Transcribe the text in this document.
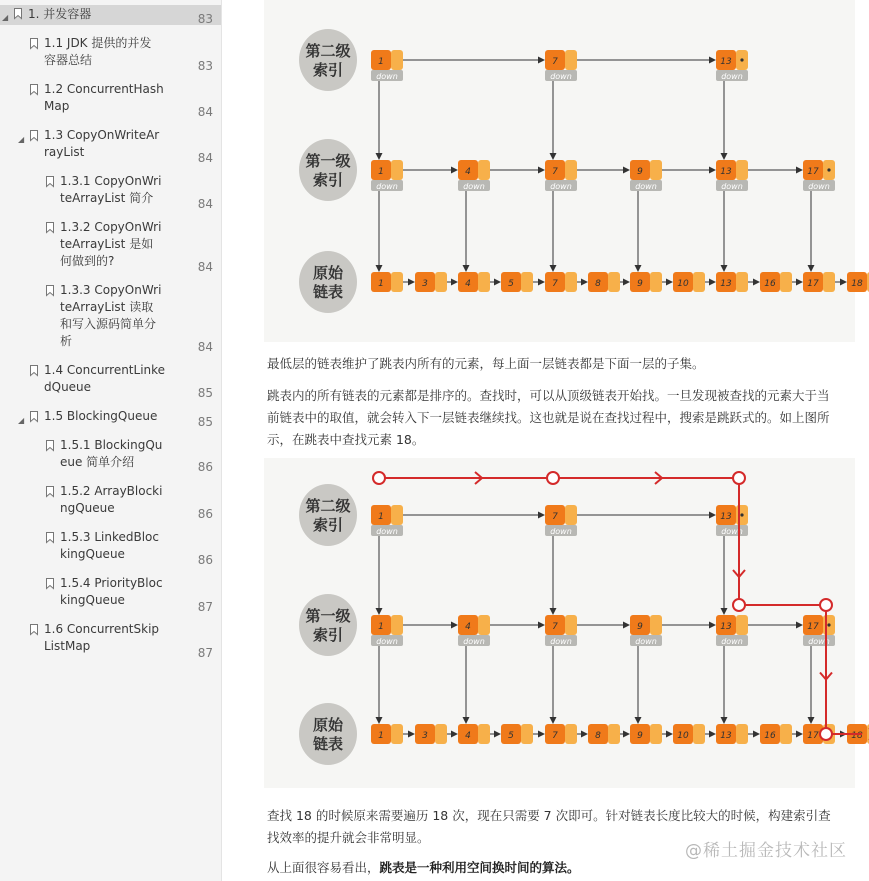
◢ 1. 并发容器	83
1.1 JDK 提供的并发
容器总结	83
1.2 ConcurrentHash
Map	84
◢ 1.3 CopyOnWriteAr
rayList	84
1.3.1 CopyOnWri
teArrayList 简介	84
1.3.2 CopyOnWri
teArrayList 是如
何做到的?	84
1.3.3 CopyOnWri
teArrayList 读取
和写入源码简单分
析	84
1.4 ConcurrentLinke
dQueue	85
◢ 1.5 BlockingQueue	85
1.5.1 BlockingQu
eue 简单介绍	86
1.5.2 ArrayBlocki
ngQueue	86
1.5.3 LinkedBloc
kingQueue	86
1.5.4 PriorityBloc
kingQueue	87
1.6 ConcurrentSkip
ListMap	87
第二级
索引
第一级
索引
原始
链表
1
down
7
down
13
down
1
down
4
down
7
down
9
down
13
down
17
down
1	3	4	5	7	8	9	10	13	16	17	18
最低层的链表维护了跳表内所有的元素，每上面一层链表都是下面一层的子集。
跳表内的所有链表的元素都是排序的。查找时，可以从顶级链表开始找。一旦发现被查找的元素大于当
前链表中的取值，就会转入下一层链表继续找。这也就是说在查找过程中，搜索是跳跃式的。如上图所
示，在跳表中查找元素 18。
第二级
索引
第一级
索引
原始
链表
1
down
7
down
13
down
1
down
4
down
7
down
9
down
13
down
17
down
1	3	4	5	7	8	9	10	13	16	17	18
查找 18 的时候原来需要遍历 18 次，现在只需要 7 次即可。针对链表长度比较大的时候，构建索引查
找效率的提升就会非常明显。
从上面很容易看出，跳表是一种利用空间换时间的算法。
@稀土掘金技术社区
